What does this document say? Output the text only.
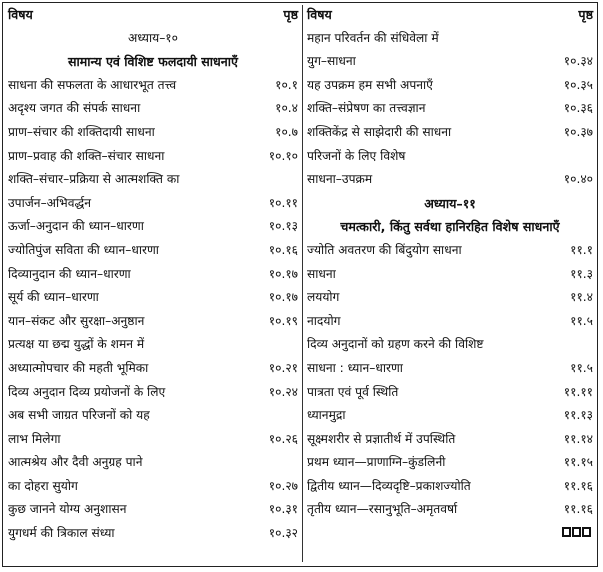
विषय	पृष्ठ
अध्याय–१०
सामान्य एवं विशिष्ट फलदायी साधनाएँ
साधना की सफलता के आधारभूत तत्त्व	१०.१
अदृश्य जगत की संपर्क साधना	१०.४
प्राण–संचार की शक्तिदायी साधना	१०.७
प्राण–प्रवाह की शक्ति–संचार साधना	१०.१०
शक्ति–संचार–प्रक्रिया से आत्मशक्ति का
उपार्जन–अभिवर्द्धन	१०.११
ऊर्जा–अनुदान की ध्यान–धारणा	१०.१३
ज्योतिपुंज सविता की ध्यान–धारणा	१०.१६
दिव्यानुदान की ध्यान–धारणा	१०.१७
सूर्य की ध्यान–धारणा	१०.१७
यान–संकट और सुरक्षा–अनुष्ठान	१०.१९
प्रत्यक्ष या छद्म युद्धों के शमन में
अध्यात्मोपचार की महती भूमिका	१०.२१
दिव्य अनुदान दिव्य प्रयोजनों के लिए	१०.२४
अब सभी जाग्रत परिजनों को यह
लाभ मिलेगा	१०.२६
आत्मश्रेय और दैवी अनुग्रह पाने
का दोहरा सुयोग	१०.२७
कुछ जानने योग्य अनुशासन	१०.३१
युगधर्म की त्रिकाल संध्या	१०.३२
विषय	पृष्ठ
महान परिवर्तन की संधिवेला में
युग–साधना	१०.३४
यह उपक्रम हम सभी अपनाएँ	१०.३५
शक्ति–संप्रेषण का तत्त्वज्ञान	१०.३६
शक्तिकेंद्र से साझेदारी की साधना	१०.३७
परिजनों के लिए विशेष
साधना–उपक्रम	१०.४०
अध्याय–११
चमत्कारी, किंतु सर्वथा हानिरहित विशेष साधनाएँ
ज्योति अवतरण की बिंदुयोग साधना	११.१
साधना	११.३
लययोग	११.४
नादयोग	११.५
दिव्य अनुदानों को ग्रहण करने की विशिष्ट
साधना : ध्यान–धारणा	११.५
पात्रता एवं पूर्व स्थिति	११.११
ध्यानमुद्रा	११.१३
सूक्ष्मशरीर से प्रज्ञातीर्थ में उपस्थिति	११.१४
प्रथम ध्यान—प्राणाग्नि–कुंडलिनी	११.१५
द्वितीय ध्यान—दिव्यदृष्टि–प्रकाशज्योति	११.१६
तृतीय ध्यान—रसानुभूति–अमृतवर्षा	११.१६
